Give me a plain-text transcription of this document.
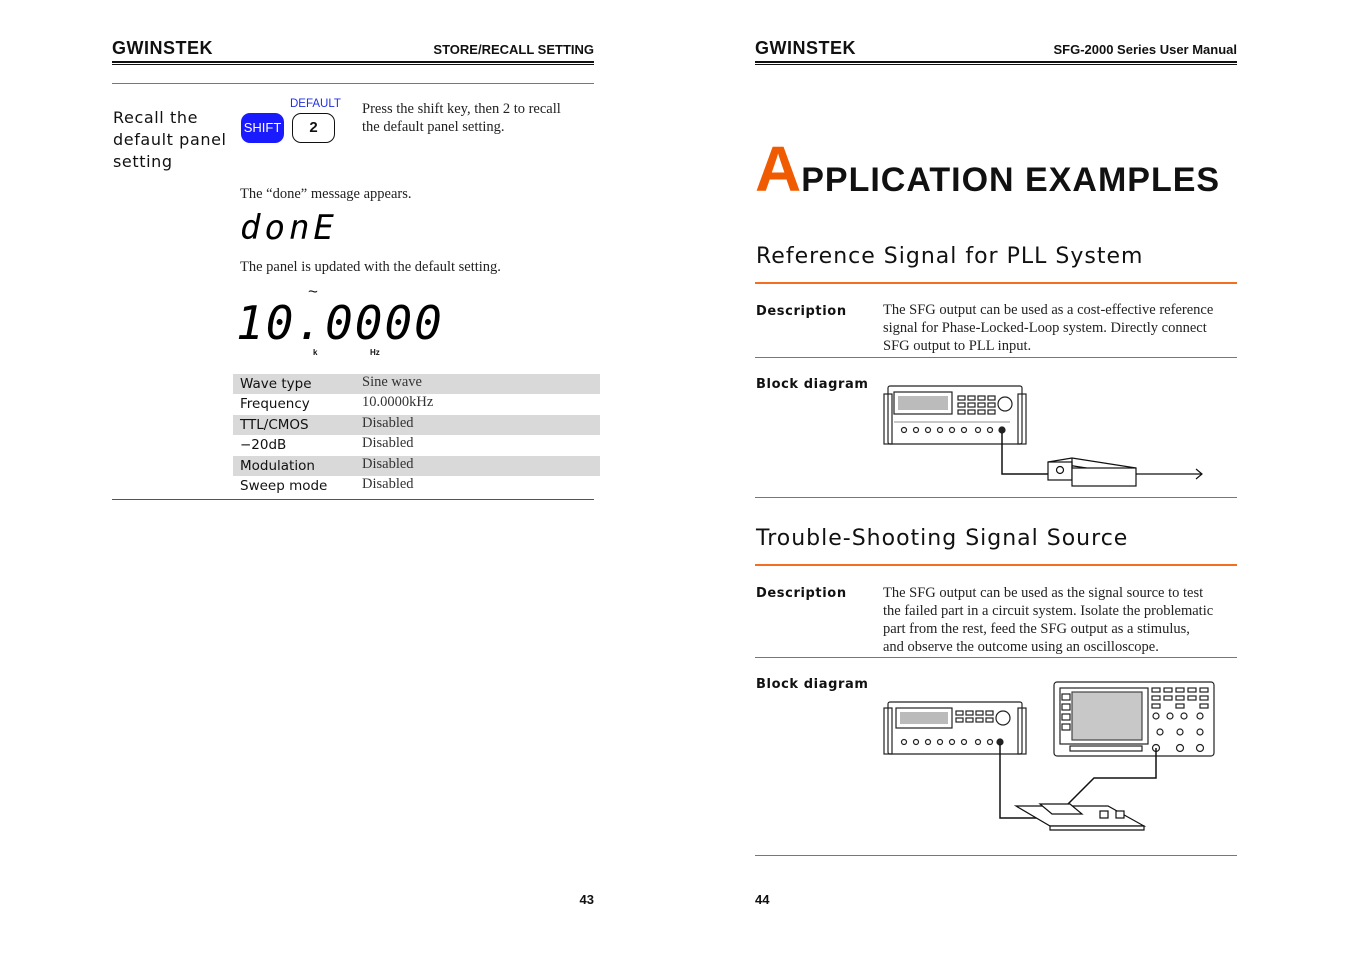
GWINSTEK	STORE/RECALL SETTING
Recall the
default panel
setting
DEFAULT
SHIFT	2
Press the shift key, then 2 to recall
the default panel setting.
The “done” message appears.
donE
The panel is updated with the default setting.
~
10.0000
k	Hz
Wave type	Sine wave
Frequency	10.0000kHz
TTL/CMOS	Disabled
−20dB	Disabled
Modulation	Disabled
Sweep mode Disabled
43
GWINSTEK	SFG-2000 Series User Manual
APPLICATION EXAMPLES
Reference Signal for PLL System
Description	The SFG output can be used as a cost-effective reference
signal for Phase-Locked-Loop system. Directly connect
SFG output to PLL input.
Block diagram
Trouble-Shooting Signal Source
Description	The SFG output can be used as the signal source to test
the failed part in a circuit system. Isolate the problematic
part from the rest, feed the SFG output as a stimulus,
and observe the outcome using an oscilloscope.
Block diagram
44
